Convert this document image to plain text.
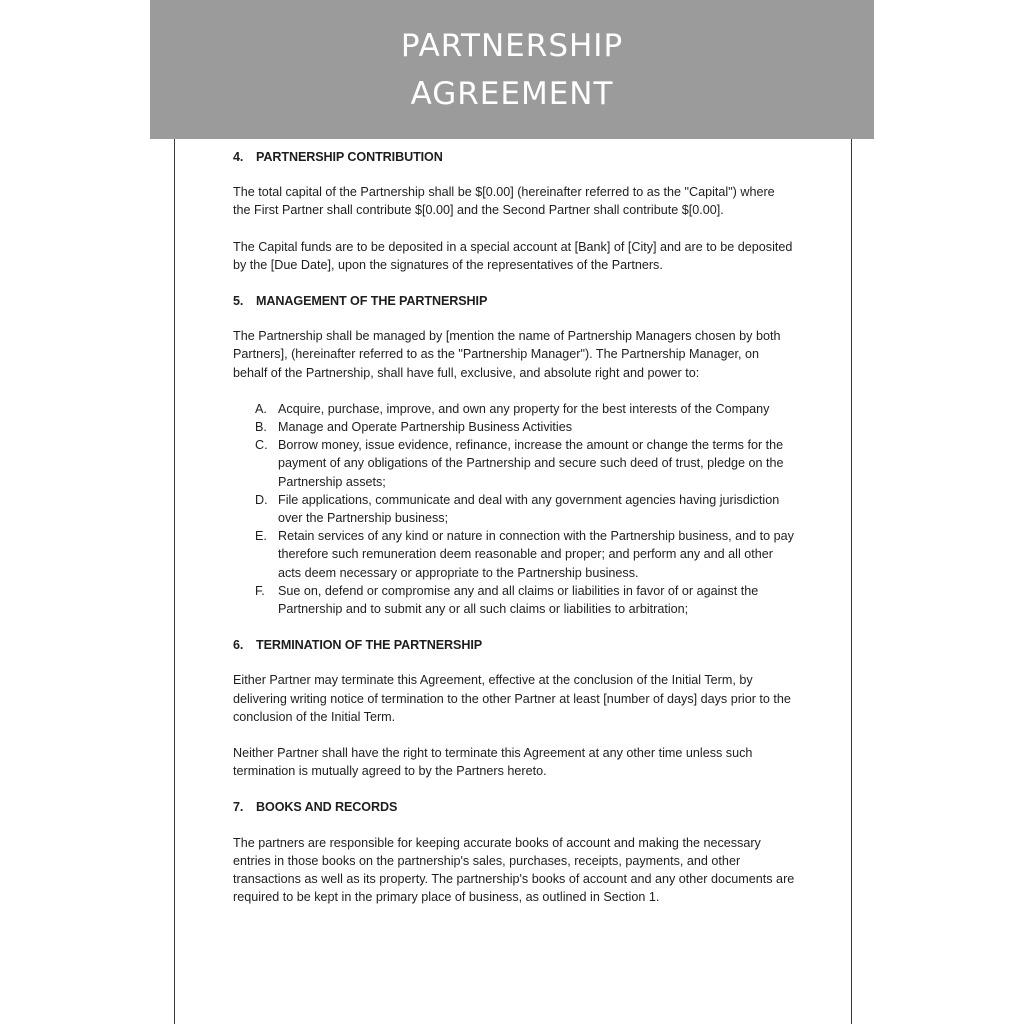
PARTNERSHIP
AGREEMENT
4. PARTNERSHIP CONTRIBUTION

The total capital of the Partnership shall be $[0.00] (hereinafter referred to as the "Capital") where the First Partner shall contribute $[0.00] and the Second Partner shall contribute $[0.00].

The Capital funds are to be deposited in a special account at [Bank] of [City] and are to be deposited by the [Due Date], upon the signatures of the representatives of the Partners.

5. MANAGEMENT OF THE PARTNERSHIP

The Partnership shall be managed by [mention the name of Partnership Managers chosen by both Partners], (hereinafter referred to as the "Partnership Manager"). The Partnership Manager, on behalf of the Partnership, shall have full, exclusive, and absolute right and power to:

A. Acquire, purchase, improve, and own any property for the best interests of the Company
B. Manage and Operate Partnership Business Activities
C. Borrow money, issue evidence, refinance, increase the amount or change the terms for the payment of any obligations of the Partnership and secure such deed of trust, pledge on the Partnership assets;
D. File applications, communicate and deal with any government agencies having jurisdiction over the Partnership business;
E. Retain services of any kind or nature in connection with the Partnership business, and to pay therefore such remuneration deem reasonable and proper; and perform any and all other acts deem necessary or appropriate to the Partnership business.
F.	Sue on, defend or compromise any and all claims or liabilities in favor of or against the Partnership and to submit any or all such claims or liabilities to arbitration;
6. TERMINATION OF THE PARTNERSHIP

Either Partner may terminate this Agreement, effective at the conclusion of the Initial Term, by delivering writing notice of termination to the other Partner at least [number of days] days prior to the conclusion of the Initial Term.

Neither Partner shall have the right to terminate this Agreement at any other time unless such termination is mutually agreed to by the Partners hereto.

7. BOOKS AND RECORDS

The partners are responsible for keeping accurate books of account and making the necessary entries in those books on the partnership's sales, purchases, receipts, payments, and other transactions as well as its property. The partnership's books of account and any other documents are required to be kept in the primary place of business, as outlined in Section 1.
